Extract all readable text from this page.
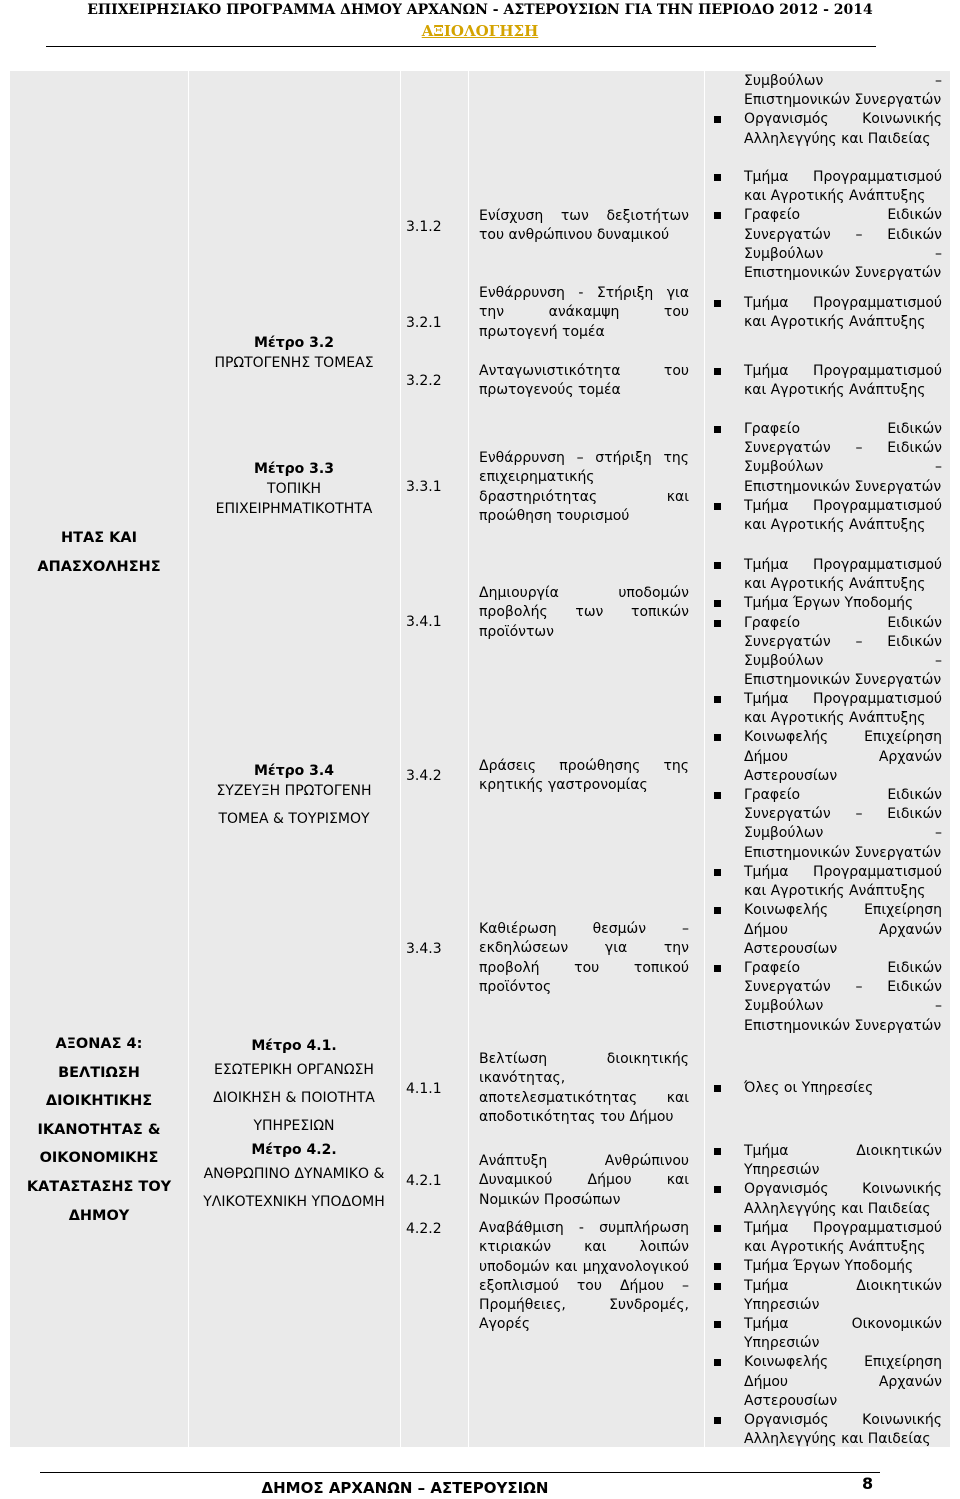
ΕΠΙΧΕΙΡΗΣΙΑΚΟ ΠΡΟΓΡΑΜΜΑ ΔΗΜΟΥ ΑΡΧΑΝΩΝ - ΑΣΤΕΡΟΥΣΙΩΝ ΓΙΑ ΤΗΝ ΠΕΡΙΟΔΟ 2012 - 2014
ΑΞΙΟΛΟΓΗΣΗ
ΗΤΑΣ ΚΑΙ
ΑΠΑΣΧΟΛΗΣΗΣ
ΑΞΟΝΑΣ 4:
ΒΕΛΤΙΩΣΗ
ΔΙΟΙΚΗΤΙΚΗΣ
ΙΚΑΝΟΤΗΤΑΣ &
ΟΙΚΟΝΟΜΙΚΗΣ
ΚΑΤΑΣΤΑΣΗΣ ΤΟΥ
ΔΗΜΟΥ
Μέτρο 3.2
ΠΡΩΤΟΓΕΝΗΣ ΤΟΜΕΑΣ
Μέτρο 3.3
ΤΟΠΙΚΗ
ΕΠΙΧΕΙΡΗΜΑΤΙΚΟΤΗΤΑ
Μέτρο 3.4
ΣΥΖΕΥΞΗ ΠΡΩΤΟΓΕΝΗ
ΤΟΜΕΑ & ΤΟΥΡΙΣΜΟΥ
Μέτρο 4.1.
ΕΣΩΤΕΡΙΚΗ ΟΡΓΑΝΩΣΗ
ΔΙΟΙΚΗΣΗ & ΠΟΙΟΤΗΤΑ
ΥΠΗΡΕΣΙΩΝ
Μέτρο 4.2.
ΑΝΘΡΩΠΙΝΟ ΔΥΝΑΜΙΚΟ &
ΥΛΙΚΟΤΕΧΝΙΚΗ ΥΠΟΔΟΜΗ
3.1.2
3.2.1
3.2.2
3.3.1
3.4.1
3.4.2
3.4.3
4.1.1
4.2.1
4.2.2
Ενίσχυση των δεξιοτήτων του ανθρώπινου δυναμικού
Ενθάρρυνση - Στήριξη για την ανάκαμψη του πρωτογενή τομέα
Ανταγωνιστικότητα του πρωτογενούς τομέα
Ενθάρρυνση – στήριξη της επιχειρηματικής δραστηριότητας και προώθηση τουρισμού
Δημιουργία υποδομών προβολής των τοπικών προϊόντων
Δράσεις προώθησης της κρητικής γαστρονομίας
Καθιέρωση θεσμών – εκδηλώσεων για την προβολή του τοπικού προϊόντος
Βελτίωση διοικητικής ικανότητας, αποτελεσματικότητας και αποδοτικότητας του Δήμου
Ανάπτυξη Ανθρώπινου Δυναμικού Δήμου και Νομικών Προσώπων
Αναβάθμιση - συμπλήρωση κτιριακών και λοιπών υποδομών και μηχανολογικού εξοπλισμού του Δήμου – Προμήθειες, Συνδρομές, Αγορές
Συμβούλων – Επιστημονικών Συνεργατών
Οργανισμός Κοινωνικής Αλληλεγγύης και Παιδείας
Τμήμα Προγραμματισμού και Αγροτικής Ανάπτυξης
Γραφείο Ειδικών Συνεργατών – Ειδικών Συμβούλων – Επιστημονικών Συνεργατών
Τμήμα Προγραμματισμού και Αγροτικής Ανάπτυξης
Τμήμα Προγραμματισμού και Αγροτικής Ανάπτυξης
Γραφείο Ειδικών Συνεργατών – Ειδικών Συμβούλων – Επιστημονικών Συνεργατών
Τμήμα Προγραμματισμού και Αγροτικής Ανάπτυξης
Τμήμα Προγραμματισμού και Αγροτικής Ανάπτυξης
Τμήμα Έργων Υποδομής
Γραφείο Ειδικών Συνεργατών – Ειδικών Συμβούλων – Επιστημονικών Συνεργατών
Τμήμα Προγραμματισμού και Αγροτικής Ανάπτυξης
Κοινωφελής Επιχείρηση Δήμου Αρχανών Αστερουσίων
Γραφείο Ειδικών Συνεργατών – Ειδικών Συμβούλων – Επιστημονικών Συνεργατών
Τμήμα Προγραμματισμού και Αγροτικής Ανάπτυξης
Κοινωφελής Επιχείρηση Δήμου Αρχανών Αστερουσίων
Γραφείο Ειδικών Συνεργατών – Ειδικών Συμβούλων – Επιστημονικών Συνεργατών
Όλες οι Υπηρεσίες
Τμήμα Διοικητικών Υπηρεσιών
Οργανισμός Κοινωνικής Αλληλεγγύης και Παιδείας
Τμήμα Προγραμματισμού και Αγροτικής Ανάπτυξης
Τμήμα Έργων Υποδομής
Τμήμα Διοικητικών Υπηρεσιών
Τμήμα Οικονομικών Υπηρεσιών
Κοινωφελής Επιχείρηση Δήμου Αρχανών Αστερουσίων
Οργανισμός Κοινωνικής Αλληλεγγύης και Παιδείας
ΔΗΜΟΣ ΑΡΧΑΝΩΝ – ΑΣΤΕΡΟΥΣΙΩΝ	8
